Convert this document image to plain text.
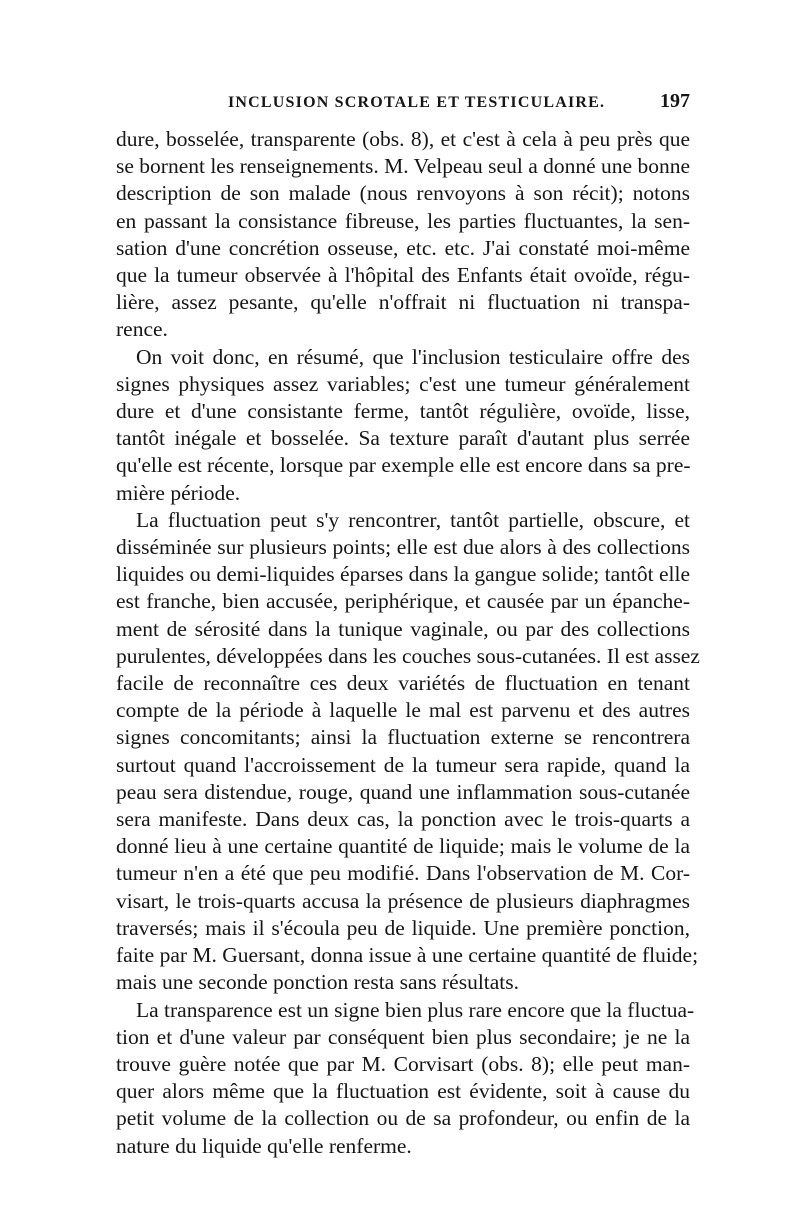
INCLUSION SCROTALE ET TESTICULAIRE.	197

dure, bosselée, transparente (obs. 8), et c'est à cela à peu près que
se bornent les renseignements. M. Velpeau seul a donné une bonne
description de son malade (nous renvoyons à son récit); notons
en passant la consistance fibreuse, les parties fluctuantes, la sen-
sation d'une concrétion osseuse, etc. etc. J'ai constaté moi-même
que la tumeur observée à l'hôpital des Enfants était ovoïde, régu-
lière, assez pesante, qu'elle n'offrait ni fluctuation ni transpa-
rence.

On voit donc, en résumé, que l'inclusion testiculaire offre des
signes physiques assez variables; c'est une tumeur généralement
dure et d'une consistante ferme, tantôt régulière, ovoïde, lisse,
tantôt inégale et bosselée. Sa texture paraît d'autant plus serrée
qu'elle est récente, lorsque par exemple elle est encore dans sa pre-
mière période.

La fluctuation peut s'y rencontrer, tantôt partielle, obscure, et
disséminée sur plusieurs points; elle est due alors à des collections
liquides ou demi-liquides éparses dans la gangue solide; tantôt elle
est franche, bien accusée, periphérique, et causée par un épanche-
ment de sérosité dans la tunique vaginale, ou par des collections
purulentes, développées dans les couches sous-cutanées. Il est assez
facile de reconnaître ces deux variétés de fluctuation en tenant
compte de la période à laquelle le mal est parvenu et des autres
signes concomitants; ainsi la fluctuation externe se rencontrera
surtout quand l'accroissement de la tumeur sera rapide, quand la
peau sera distendue, rouge, quand une inflammation sous-cutanée
sera manifeste. Dans deux cas, la ponction avec le trois-quarts a
donné lieu à une certaine quantité de liquide; mais le volume de la
tumeur n'en a été que peu modifié. Dans l'observation de M. Cor-
visart, le trois-quarts accusa la présence de plusieurs diaphragmes
traversés; mais il s'écoula peu de liquide. Une première ponction,
faite par M. Guersant, donna issue à une certaine quantité de fluide;
mais une seconde ponction resta sans résultats.

La transparence est un signe bien plus rare encore que la fluctua-
tion et d'une valeur par conséquent bien plus secondaire; je ne la
trouve guère notée que par M. Corvisart (obs. 8); elle peut man-
quer alors même que la fluctuation est évidente, soit à cause du
petit volume de la collection ou de sa profondeur, ou enfin de la
nature du liquide qu'elle renferme.
